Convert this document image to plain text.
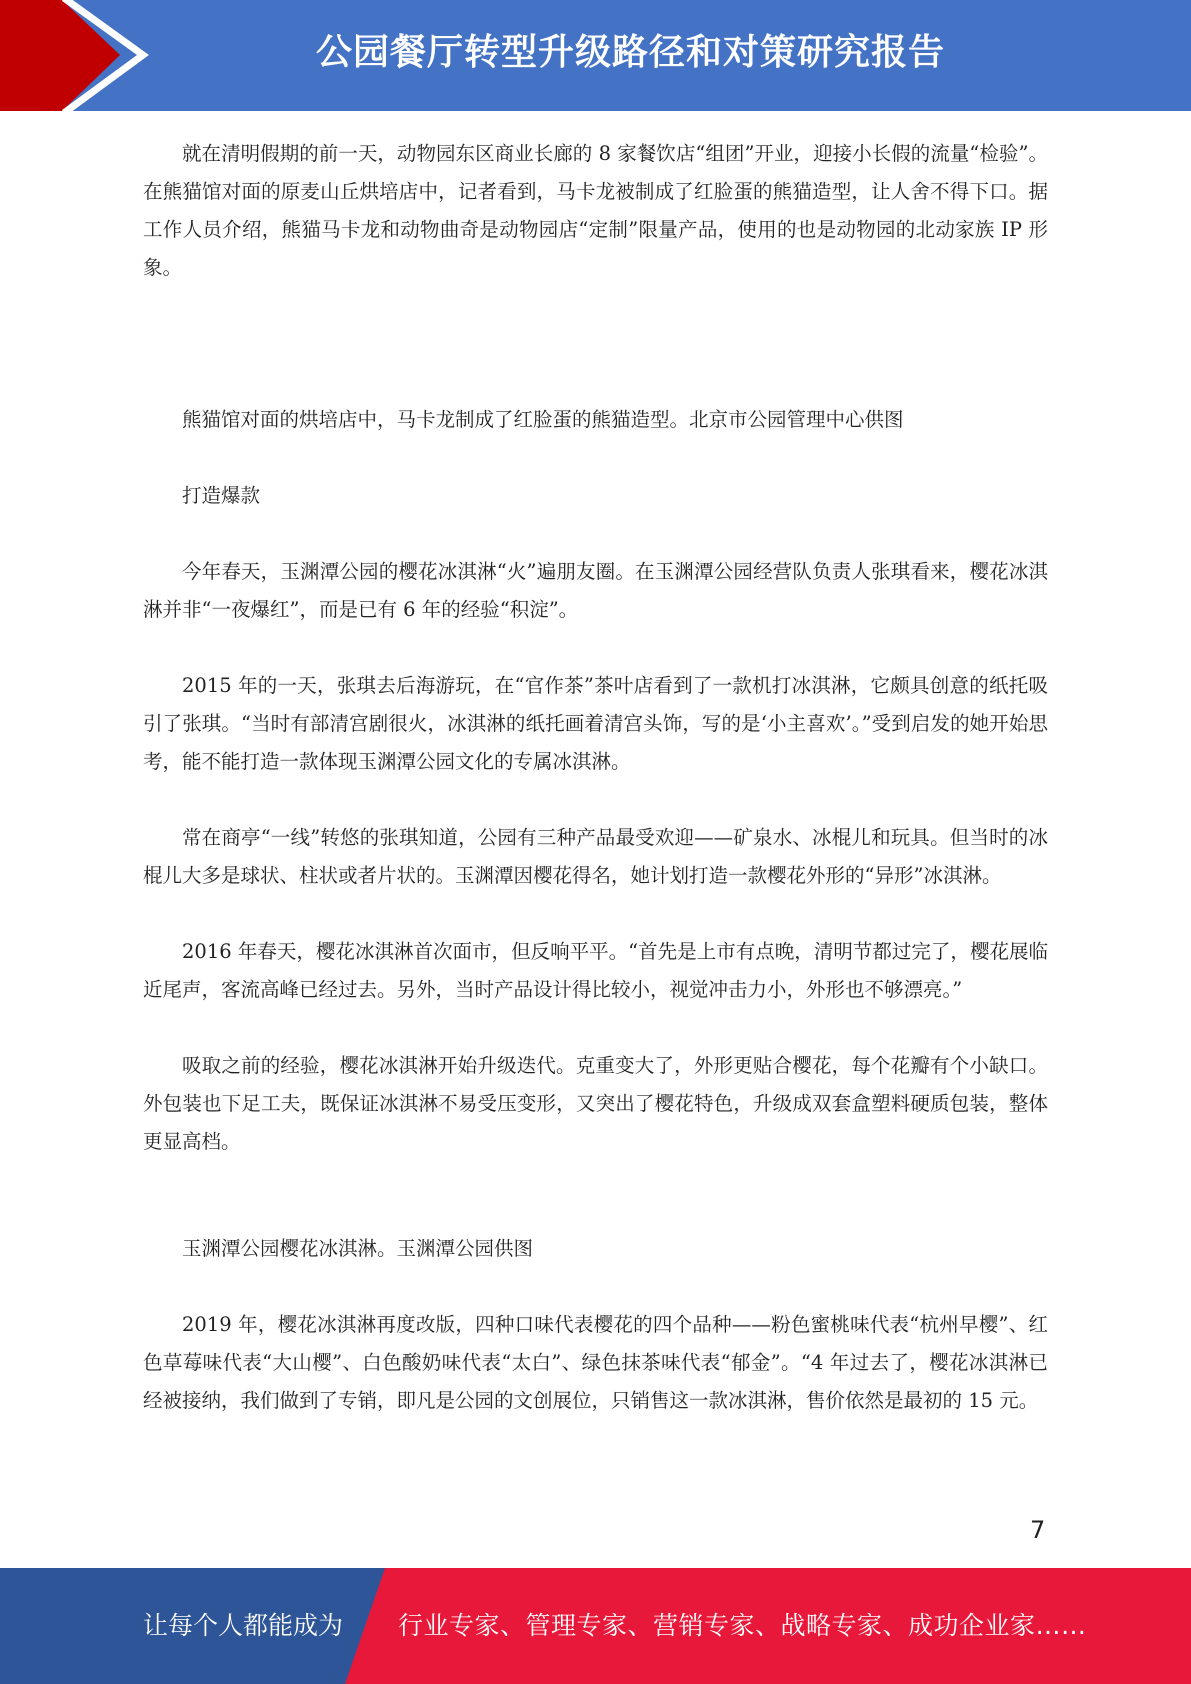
公园餐厅转型升级路径和对策研究报告

就在清明假期的前一天，动物园东区商业长廊的 8 家餐饮店“组团”开业，迎接小长假的流量“检验”。在熊猫馆对面的原麦山丘烘培店中，记者看到，马卡龙被制成了红脸蛋的熊猫造型，让人舍不得下口。据工作人员介绍，熊猫马卡龙和动物曲奇是动物园店“定制”限量产品，使用的也是动物园的北动家族 IP 形象。

熊猫馆对面的烘培店中，马卡龙制成了红脸蛋的熊猫造型。北京市公园管理中心供图

打造爆款

今年春天，玉渊潭公园的樱花冰淇淋“火”遍朋友圈。在玉渊潭公园经营队负责人张琪看来，樱花冰淇淋并非“一夜爆红”，而是已有 6 年的经验“积淀”。

2015 年的一天，张琪去后海游玩，在“官作茶”茶叶店看到了一款机打冰淇淋，它颇具创意的纸托吸引了张琪。“当时有部清宫剧很火，冰淇淋的纸托画着清宫头饰，写的是‘小主喜欢’。”受到启发的她开始思考，能不能打造一款体现玉渊潭公园文化的专属冰淇淋。

常在商亭“一线”转悠的张琪知道，公园有三种产品最受欢迎——矿泉水、冰棍儿和玩具。但当时的冰棍儿大多是球状、柱状或者片状的。玉渊潭因樱花得名，她计划打造一款樱花外形的“异形”冰淇淋。

2016 年春天，樱花冰淇淋首次面市，但反响平平。“首先是上市有点晚，清明节都过完了，樱花展临近尾声，客流高峰已经过去。另外，当时产品设计得比较小，视觉冲击力小，外形也不够漂亮。”

吸取之前的经验，樱花冰淇淋开始升级迭代。克重变大了，外形更贴合樱花，每个花瓣有个小缺口。外包装也下足工夫，既保证冰淇淋不易受压变形，又突出了樱花特色，升级成双套盒塑料硬质包装，整体更显高档。

玉渊潭公园樱花冰淇淋。玉渊潭公园供图

2019 年，樱花冰淇淋再度改版，四种口味代表樱花的四个品种——粉色蜜桃味代表“杭州早樱”、红色草莓味代表“大山樱”、白色酸奶味代表“太白”、绿色抹茶味代表“郁金”。“4 年过去了，樱花冰淇淋已经被接纳，我们做到了专销，即凡是公园的文创展位，只销售这一款冰淇淋，售价依然是最初的 15 元。

7
让每个人都能成为 行业专家、管理专家、营销专家、战略专家、成功企业家……
